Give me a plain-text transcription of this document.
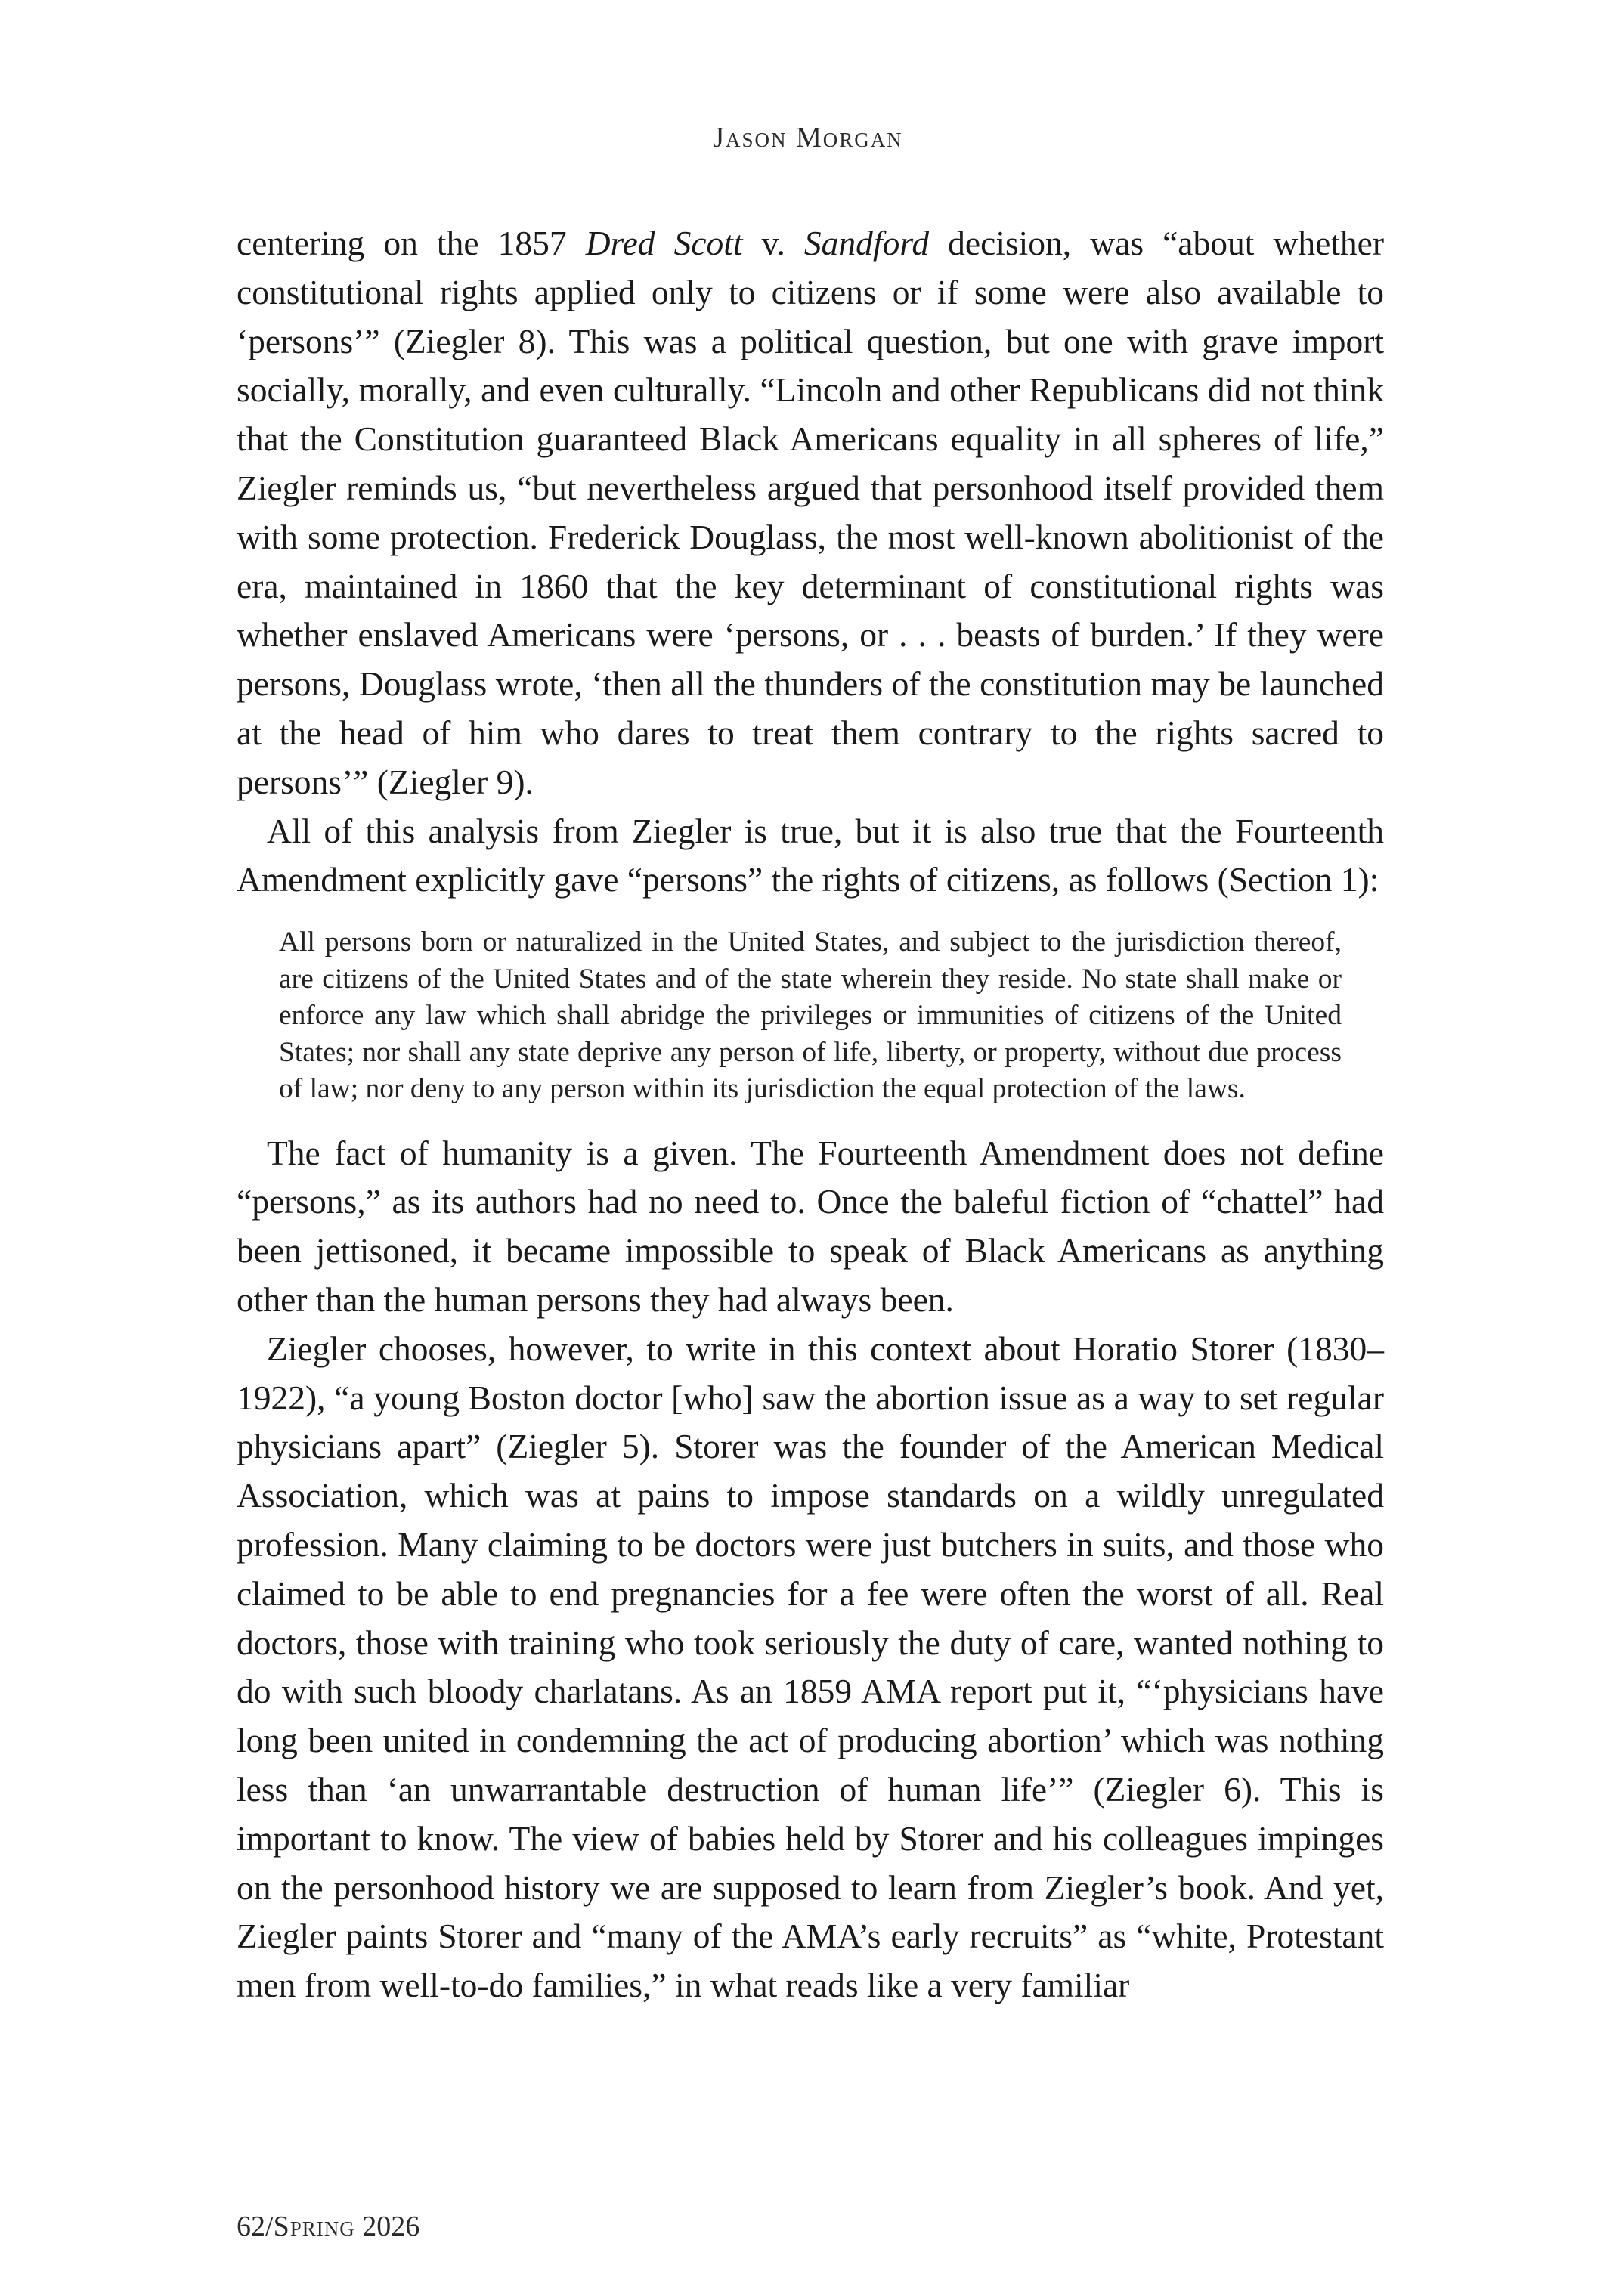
Jason Morgan

centering on the 1857 Dred Scott v. Sandford decision, was “about whether constitutional rights applied only to citizens or if some were also available to ‘persons’” (Ziegler 8). This was a political question, but one with grave import socially, morally, and even culturally. “Lincoln and other Republicans did not think that the Constitution guaranteed Black Americans equality in all spheres of life,” Ziegler reminds us, “but nevertheless argued that personhood itself provided them with some protection. Frederick Douglass, the most well-known abolitionist of the era, maintained in 1860 that the key determinant of constitutional rights was whether enslaved Americans were ‘persons, or . . . beasts of burden.’ If they were persons, Douglass wrote, ‘then all the thunders of the constitution may be launched at the head of him who dares to treat them contrary to the rights sacred to persons’” (Ziegler 9).

All of this analysis from Ziegler is true, but it is also true that the Fourteenth Amendment explicitly gave “persons” the rights of citizens, as follows (Section 1):

All persons born or naturalized in the United States, and subject to the jurisdiction thereof, are citizens of the United States and of the state wherein they reside. No state shall make or enforce any law which shall abridge the privileges or immunities of citizens of the United States; nor shall any state deprive any person of life, liberty, or property, without due process of law; nor deny to any person within its jurisdiction the equal protection of the laws.

The fact of humanity is a given. The Fourteenth Amendment does not define “persons,” as its authors had no need to. Once the baleful fiction of “chattel” had been jettisoned, it became impossible to speak of Black Americans as anything other than the human persons they had always been.

Ziegler chooses, however, to write in this context about Horatio Storer (1830–1922), “a young Boston doctor [who] saw the abortion issue as a way to set regular physicians apart” (Ziegler 5). Storer was the founder of the American Medical Association, which was at pains to impose standards on a wildly unregulated profession. Many claiming to be doctors were just butchers in suits, and those who claimed to be able to end pregnancies for a fee were often the worst of all. Real doctors, those with training who took seriously the duty of care, wanted nothing to do with such bloody charlatans. As an 1859 AMA report put it, “‘physicians have long been united in condemning the act of producing abortion’ which was nothing less than ‘an unwarrantable destruction of human life’” (Ziegler 6). This is important to know. The view of babies held by Storer and his colleagues impinges on the personhood history we are supposed to learn from Ziegler’s book. And yet, Ziegler paints Storer and “many of the AMA’s early recruits” as “white, Protestant men from well-to-do families,” in what reads like a very familiar

62/Spring 2026
